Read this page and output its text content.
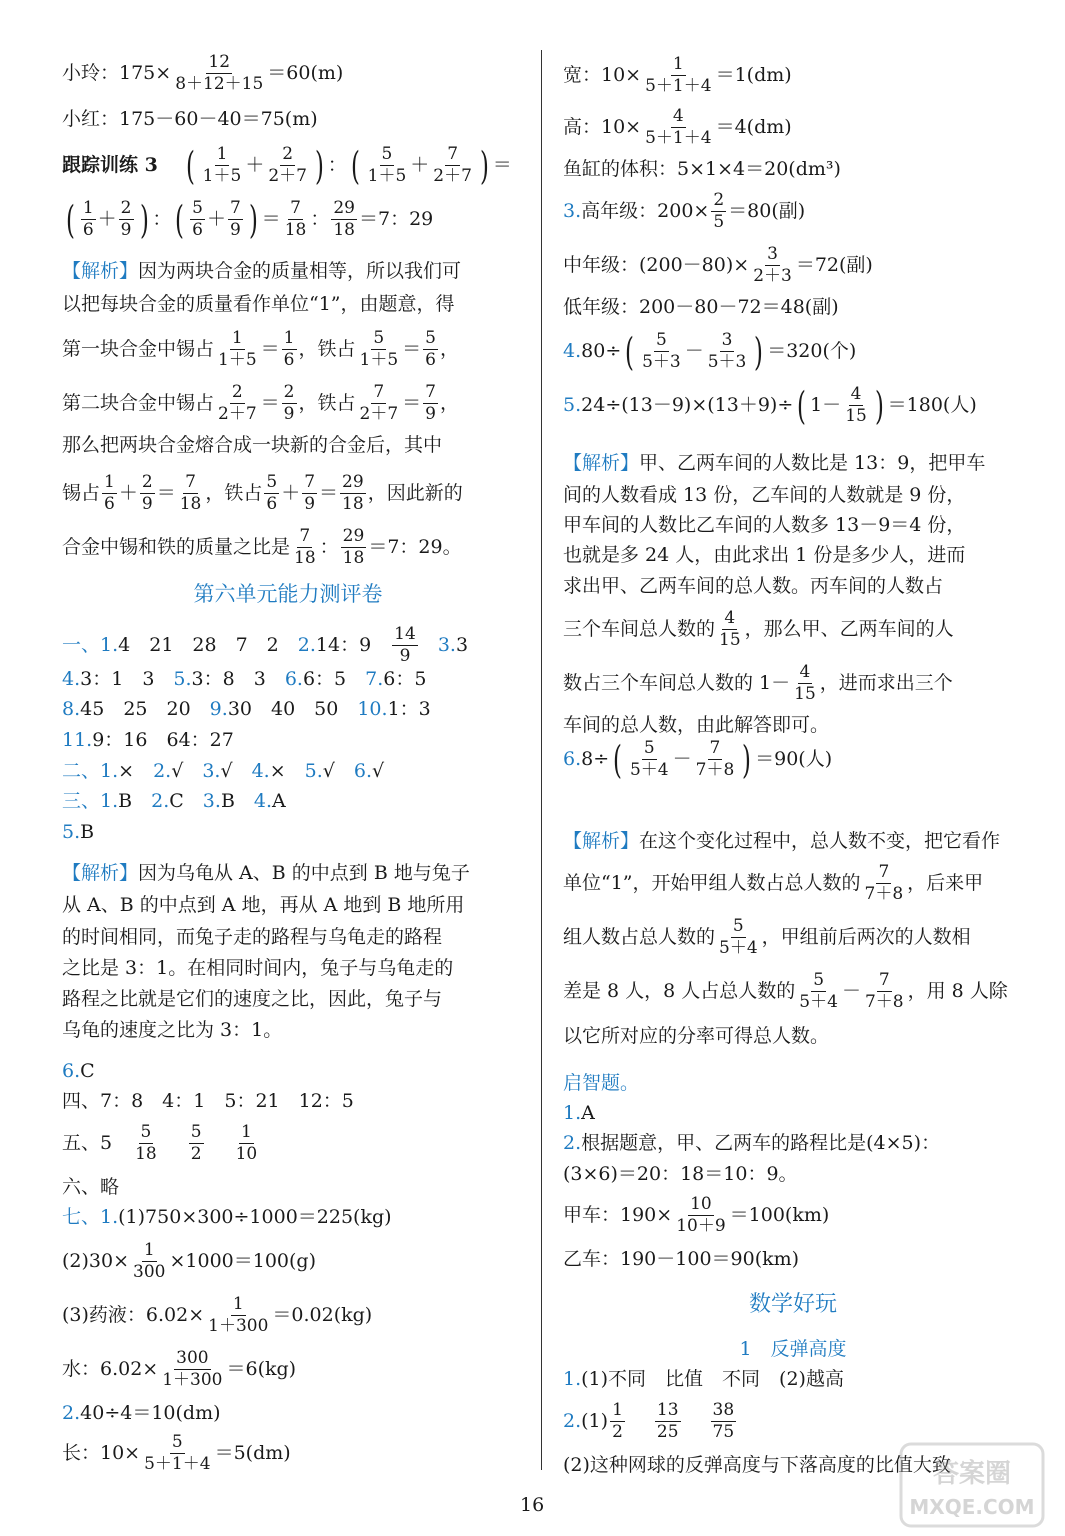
小玲：$175\times \frac{12}{8+12+15} =60(m)$
小红：175－60－40＝75(m)
跟踪训练 3 ( $\frac{1}{1+5} + \frac{2}{2+7}$ ) ： ( $\frac{5}{1+5} + \frac{7}{2+7}$ ) ＝
( $\frac{1}{6} + \frac{2}{9}$ ) ： ( $\frac{5}{6} + \frac{7}{9}$ ) ＝ $\frac{7}{18}$ ： $\frac{29}{18} =7$：29
【解析】 因为两块合金的质量相等，所以我们可
以把每块合金的质量看作单位“1”，由题意，得
第一块合金中锡占 $\frac{1}{1+5} = \frac{1}{6}$ ，铁占 $\frac{5}{1+5} = \frac{5}{6}$ ，
第二块合金中锡占 $\frac{2}{2+7} = \frac{2}{9}$ ，铁占 $\frac{7}{2+7} = \frac{7}{9}$ ，
那么把两块合金熔合成一块新的合金后，其中
锡占 $\frac{1}{6} + \frac{2}{9} = \frac{7}{18}$ ，铁占 $\frac{5}{6} + \frac{7}{9} = \frac{29}{18}$ ，因此新的
合金中锡和铁的质量之比是 $\frac{7}{18}$ ： $\frac{29}{18} =7$：29。
第六单元能力测评卷
一、1. 4　21　28　7　2　 2. 14：9　 $\frac{14}{9} 3$. 3
4. 3：1　3　 5. 3：8　3　 6. 6：5　 7. 6：5
8. 45　25　20　 9. 30　40　50　 10. 1：3
11. 9：16　64：27
二、1. ×　 2. √　 3. √　 4. ×　 5. √　 6. √
三、1. B　 2. C　 3. B　 4. A
5. B
【解析】 因为乌龟从 A、B 的中点到 B 地与兔子
从 A、B 的中点到 A 地，再从 A 地到 B 地所用
的时间相同，而兔子走的路程与乌龟走的路程
之比是 3：1。在相同时间内，兔子与乌龟走的
路程之比就是它们的速度之比，因此，兔子与
乌龟的速度之比为 3：1。
6. C
四、7：8　4：1　5：21　12：5
五、5　 $\frac{5}{18} \frac{5}{2} \frac{1}{10}$
六、略
七、1. (1)750×300÷1000＝225(kg)
$(2)30\times \frac{1}{300} \times 1000=100(g)$
(3)药液：$6.02\times \frac{1}{1+300} =0.02(kg)$
水：$6.02\times \frac{300}{1+300} =6(kg)$
2. 40÷4＝10(dm)
长：$10\times \frac{5}{5+1+4} =5(dm)$
宽：$10\times \frac{1}{5+1+4} =1(dm)$
高：$10\times \frac{4}{5+1+4} =4(dm)$
鱼缸的体积：5×1×4＝20(dm³)
3. 高年级：$200\times \frac{2}{5} =80$(副)
中年级：$(200-80)\times \frac{3}{2+3} =72$(副)
低年级：200－80－72＝48(副)
4. 80÷ ( $\frac{5}{5+3} - \frac{3}{5+3}$ ) ＝320(个)
5. 24÷(13－9)×(13＋9)÷ ( $1- \frac{4}{15}$ ) ＝180(人)
【解析】 甲、乙两车间的人数比是 13：9，把甲车
间的人数看成 13 份，乙车间的人数就是 9 份，
甲车间的人数比乙车间的人数多 13－9＝4 份，
也就是多 24 人，由此求出 1 份是多少人，进而
求出甲、乙两车间的总人数。丙车间的人数占
三个车间总人数的 $\frac{4}{15}$ ，那么甲、乙两车间的人
数占三个车间总人数的 $1- \frac{4}{15}$ ，进而求出三个
车间的总人数，由此解答即可。
6. 8÷ ( $\frac{5}{5+4} - \frac{7}{7+8}$ ) ＝90(人)
【解析】 在这个变化过程中，总人数不变，把它看作
单位“1”，开始甲组人数占总人数的 $\frac{7}{7+8}$ ，后来甲
组人数占总人数的 $\frac{5}{5+4}$ ，甲组前后两次的人数相
差是 8 人，8 人占总人数的 $\frac{5}{5+4} - \frac{7}{7+8}$ ，用 8 人除
以它所对应的分率可得总人数。
启智题。
1. A
2. 根据题意，甲、乙两车的路程比是(4×5)：
(3×6)＝20：18＝10：9。
甲车：$190\times \frac{10}{10+9} =100(km)$
乙车：190－100＝90(km)
数学好玩
1　反弹高度
1. (1)不同　比值　不同　(2)越高
2. $(1) \frac{1}{2} \frac{13}{25} \frac{38}{75}$
(2)这种网球的反弹高度与下落高度的比值大致
16
答案圈
MXQE.COM
